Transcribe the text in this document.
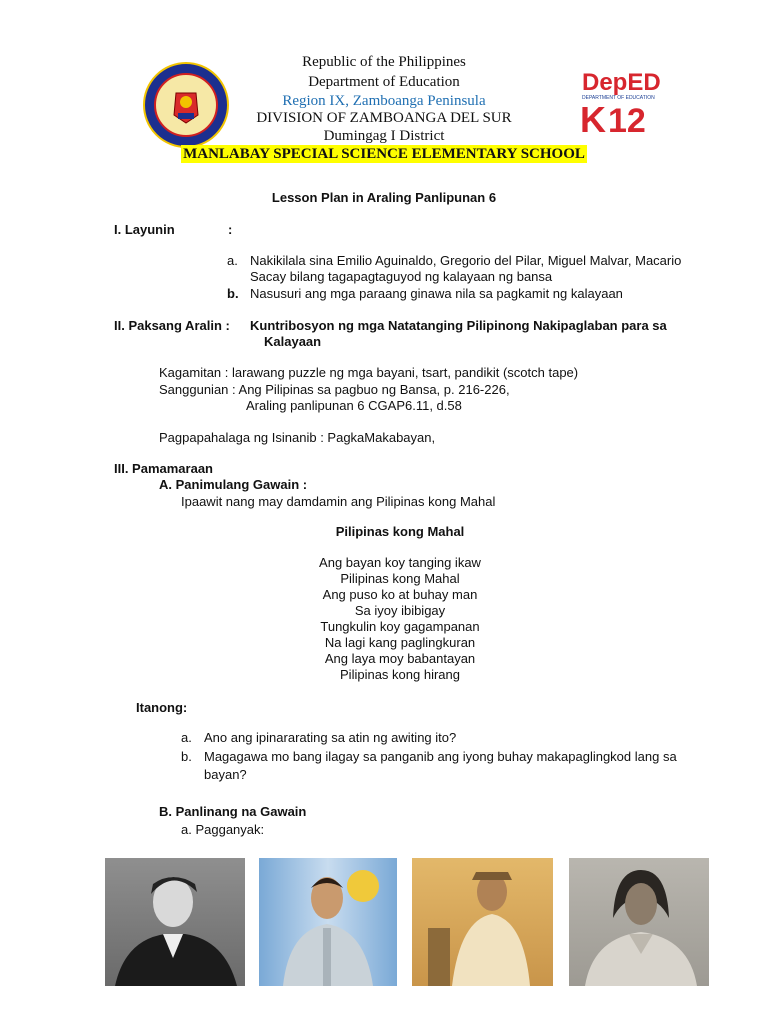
DepED
DEPARTMENT OF EDUCATION
K 12
Republic of the Philippines
Department of Education
Region IX, Zamboanga Peninsula
DIVISION OF ZAMBOANGA DEL SUR
Dumingag I District
MANLABAY SPECIAL SCIENCE ELEMENTARY SCHOOL
Lesson Plan in Araling Panlipunan 6
I. Layunin	:
a. Nakikilala sina Emilio Aguinaldo, Gregorio del Pilar, Miguel Malvar, Macario
Sacay bilang tagapagtaguyod ng kalayaan ng bansa
b. Nasusuri ang mga paraang ginawa nila sa pagkamit ng kalayaan
II. Paksang Aralin : Kuntribosyon ng mga Natatanging Pilipinong Nakipaglaban para sa
Kalayaan
Kagamitan : larawang puzzle ng mga bayani, tsart, pandikit (scotch tape)
Sanggunian : Ang Pilipinas sa pagbuo ng Bansa, p. 216-226,
Araling panlipunan 6 CGAP6.11, d.58
Pagpapahalaga ng Isinanib : PagkaMakabayan,
III. Pamamaraan
A. Panimulang Gawain :
Ipaawit nang may damdamin ang Pilipinas kong Mahal
Pilipinas kong Mahal
Ang bayan koy tanging ikaw
Pilipinas kong Mahal
Ang puso ko at buhay man
Sa iyoy ibibigay
Tungkulin koy gagampanan
Na lagi kang paglingkuran
Ang laya moy babantayan
Pilipinas kong hirang
Itanong:
a. Ano ang ipinararating sa atin ng awiting ito?
b. Magagawa mo bang ilagay sa panganib ang iyong buhay makapaglingkod lang sa
bayan?
B. Panlinang na Gawain
a. Pagganyak:
